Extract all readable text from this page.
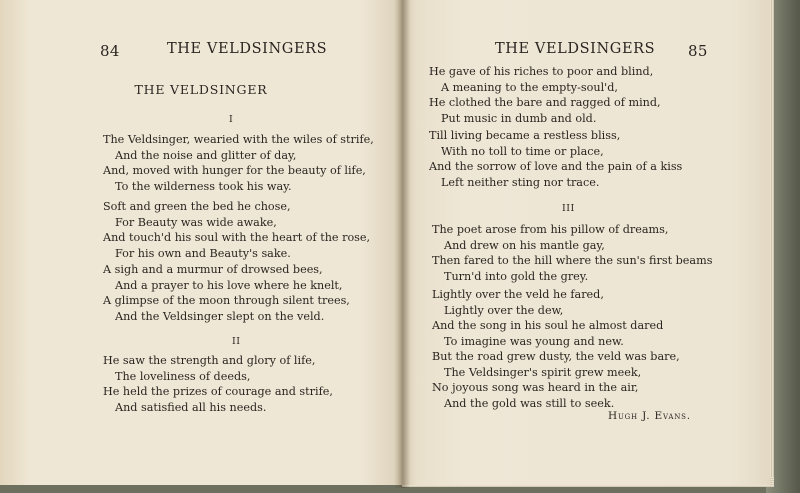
84	THE VELDSINGERS
THE VELDSINGER
I
The Veldsinger, wearied with the wiles of strife,
And the noise and glitter of day,
And, moved with hunger for the beauty of life,
To the wilderness took his way.
Soft and green the bed he chose,
For Beauty was wide awake,
And touch'd his soul with the heart of the rose,
For his own and Beauty's sake.
A sigh and a murmur of drowsed bees,
And a prayer to his love where he knelt,
A glimpse of the moon through silent trees,
And the Veldsinger slept on the veld.
II
He saw the strength and glory of life,
The loveliness of deeds,
He held the prizes of courage and strife,
And satisfied all his needs.
THE VELDSINGERS 85
He gave of his riches to poor and blind,
A meaning to the empty-soul'd,
He clothed the bare and ragged of mind,
Put music in dumb and old.
Till living became a restless bliss,
With no toll to time or place,
And the sorrow of love and the pain of a kiss
Left neither sting nor trace.
III
The poet arose from his pillow of dreams,
And drew on his mantle gay,
Then fared to the hill where the sun's first beams
Turn'd into gold the grey.
Lightly over the veld he fared,
Lightly over the dew,
And the song in his soul he almost dared
To imagine was young and new.
But the road grew dusty, the veld was bare,
The Veldsinger's spirit grew meek,
No joyous song was heard in the air,
And the gold was still to seek.
Hugh J. Evans.
